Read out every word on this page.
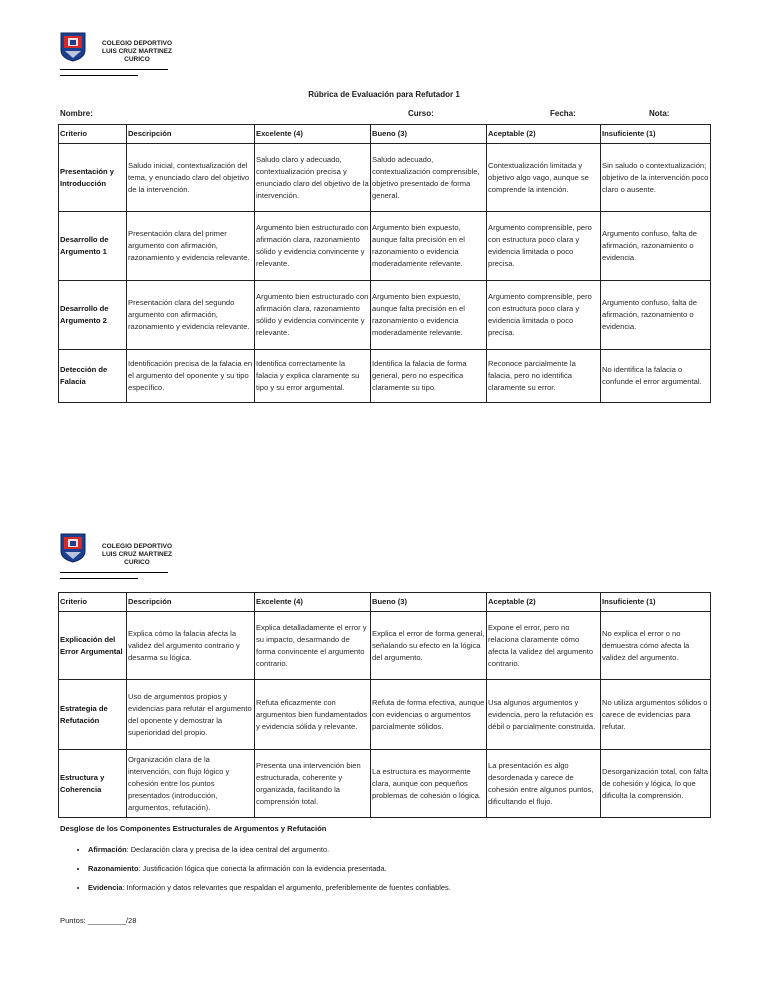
COLEGIO DEPORTIVO
LUIS CRUZ MARTINEZ
CURICO
Rúbrica de Evaluación para Refutador 1
Nombre:	Curso:	Fecha:	Nota:
Criterio	Descripción	Excelente (4)	Bueno (3)	Aceptable (2)	Insuficiente (1)
Presentación y Introducción	Saludo inicial, contextualización del tema, y enunciado claro del objetivo de la intervención.	Saludo claro y adecuado, contextualización precisa y enunciado claro del objetivo de la intervención.	Saludo adecuado, contextualización comprensible, objetivo presentado de forma general.	Contextualización limitada y objetivo algo vago, aunque se comprende la intención.	Sin saludo o contextualización; objetivo de la intervención poco claro o ausente.
Desarrollo de Argumento 1	Presentación clara del primer argumento con afirmación, razonamiento y evidencia relevante.	Argumento bien estructurado con afirmación clara, razonamiento sólido y evidencia convincente y relevante.	Argumento bien expuesto, aunque falta precisión en el razonamiento o evidencia moderadamente relevante.	Argumento comprensible, pero con estructura poco clara y evidencia limitada o poco precisa.	Argumento confuso, falta de afirmación, razonamiento o evidencia.
Desarrollo de Argumento 2	Presentación clara del segundo argumento con afirmación, razonamiento y evidencia relevante.	Argumento bien estructurado con afirmación clara, razonamiento sólido y evidencia convincente y relevante.	Argumento bien expuesto, aunque falta precisión en el razonamiento o evidencia moderadamente relevante.	Argumento comprensible, pero con estructura poco clara y evidencia limitada o poco precisa.	Argumento confuso, falta de afirmación, razonamiento o evidencia.
Detección de Falacia	Identificación precisa de la falacia en el argumento del oponente y su tipo específico.	Identifica correctamente la falacia y explica claramente su tipo y su error argumental.	Identifica la falacia de forma general, pero no especifica claramente su tipo.	Reconoce parcialmente la falacia, pero no identifica claramente su error.	No identifica la falacia o confunde el error argumental.
COLEGIO DEPORTIVO
LUIS CRUZ MARTINEZ
CURICO
Criterio	Descripción	Excelente (4)	Bueno (3)	Aceptable (2)	Insuficiente (1)
Explicación del Error Argumental	Explica cómo la falacia afecta la validez del argumento contrario y desarma su lógica.	Explica detalladamente el error y su impacto, desarmando de forma convincente el argumento contrario.	Explica el error de forma general, señalando su efecto en la lógica del argumento.	Expone el error, pero no relaciona claramente cómo afecta la validez del argumento contrario.	No explica el error o no demuestra cómo afecta la validez del argumento.
Estrategia de Refutación	Uso de argumentos propios y evidencias para refutar el argumento del oponente y demostrar la superioridad del propio.	Refuta eficazmente con argumentos bien fundamentados y evidencia sólida y relevante.	Refuta de forma efectiva, aunque con evidencias o argumentos parcialmente sólidos.	Usa algunos argumentos y evidencia, pero la refutación es débil o parcialmente construida.	No utiliza argumentos sólidos o carece de evidencias para refutar.
Estructura y Coherencia	Organización clara de la intervención, con flujo lógico y cohesión entre los puntos presentados (introducción, argumentos, refutación).	Presenta una intervención bien estructurada, coherente y organizada, facilitando la comprensión total.	La estructura es mayormente clara, aunque con pequeños problemas de cohesión o lógica.	La presentación es algo desordenada y carece de cohesión entre algunos puntos, dificultando el flujo.	Desorganización total, con falta de cohesión y lógica, lo que dificulta la comprensión.
Desglose de los Componentes Estructurales de Argumentos y Refutación
• Afirmación: Declaración clara y precisa de la idea central del argumento.
• Razonamiento: Justificación lógica que conecta la afirmación con la evidencia presentada.
• Evidencia: Información y datos relevantes que respaldan el argumento, preferiblemente de fuentes confiables.
Puntos: _________/28
